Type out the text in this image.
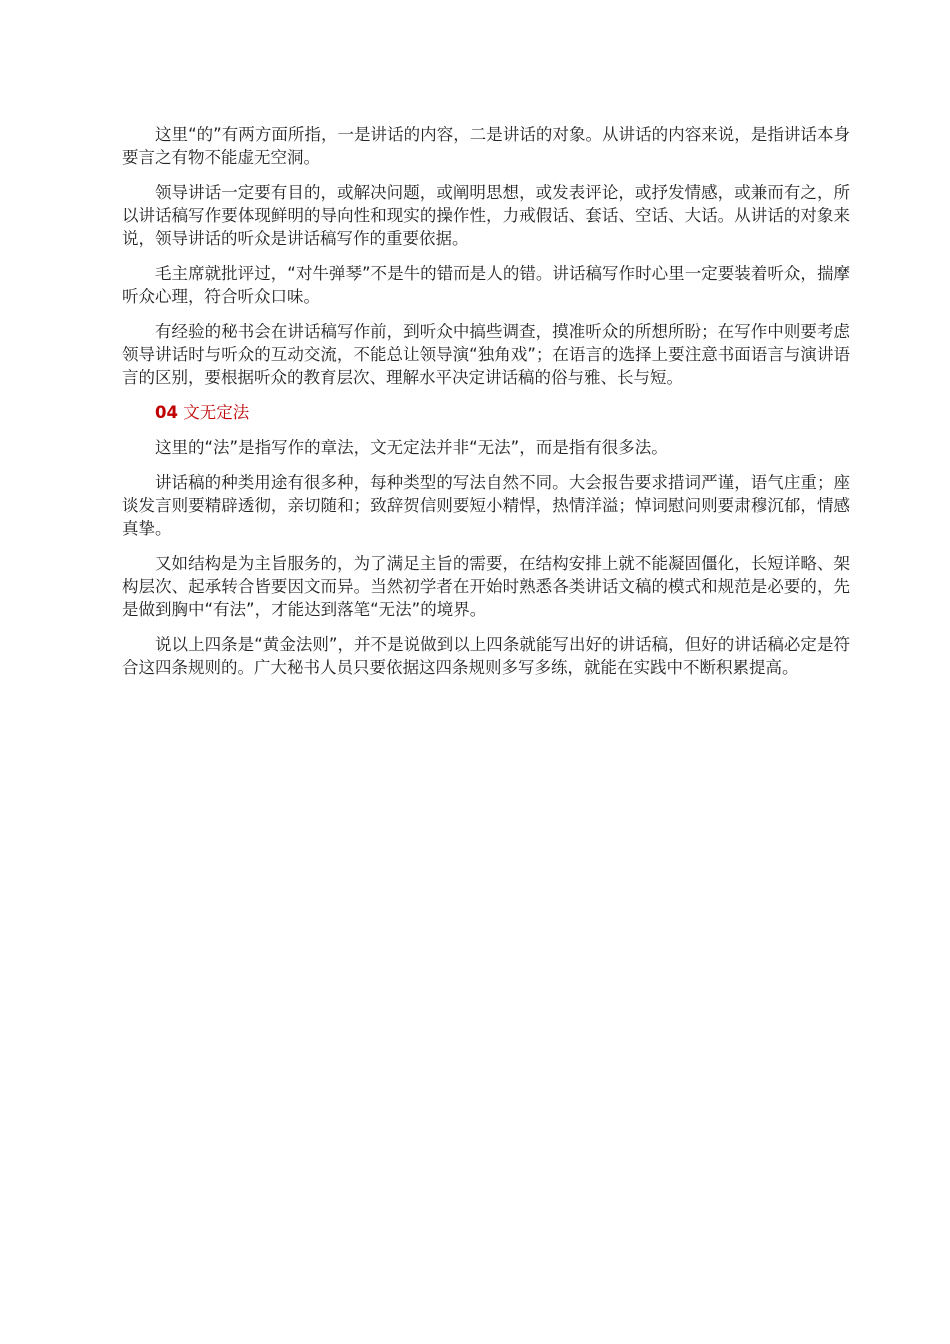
这里“的”有两方面所指，一是讲话的内容，二是讲话的对象。从讲话的内容来说，是指讲话本身要言之有物不能虚无空洞。

领导讲话一定要有目的，或解决问题，或阐明思想，或发表评论，或抒发情感，或兼而有之，所以讲话稿写作要体现鲜明的导向性和现实的操作性，力戒假话、套话、空话、大话。从讲话的对象来说，领导讲话的听众是讲话稿写作的重要依据。

毛主席就批评过，“对牛弹琴”不是牛的错而是人的错。讲话稿写作时心里一定要装着听众，揣摩听众心理，符合听众口味。

有经验的秘书会在讲话稿写作前，到听众中搞些调查，摸准听众的所想所盼；在写作中则要考虑领导讲话时与听众的互动交流，不能总让领导演“独角戏”；在语言的选择上要注意书面语言与演讲语言的区别，要根据听众的教育层次、理解水平决定讲话稿的俗与雅、长与短。

04 文无定法

这里的“法”是指写作的章法，文无定法并非“无法”，而是指有很多法。

讲话稿的种类用途有很多种，每种类型的写法自然不同。大会报告要求措词严谨，语气庄重；座谈发言则要精辟透彻，亲切随和；致辞贺信则要短小精悍，热情洋溢；悼词慰问则要肃穆沉郁，情感真挚。

又如结构是为主旨服务的，为了满足主旨的需要，在结构安排上就不能凝固僵化，长短详略、架构层次、起承转合皆要因文而异。当然初学者在开始时熟悉各类讲话文稿的模式和规范是必要的，先是做到胸中“有法”，才能达到落笔“无法”的境界。

说以上四条是“黄金法则”，并不是说做到以上四条就能写出好的讲话稿，但好的讲话稿必定是符合这四条规则的。广大秘书人员只要依据这四条规则多写多练，就能在实践中不断积累提高。
